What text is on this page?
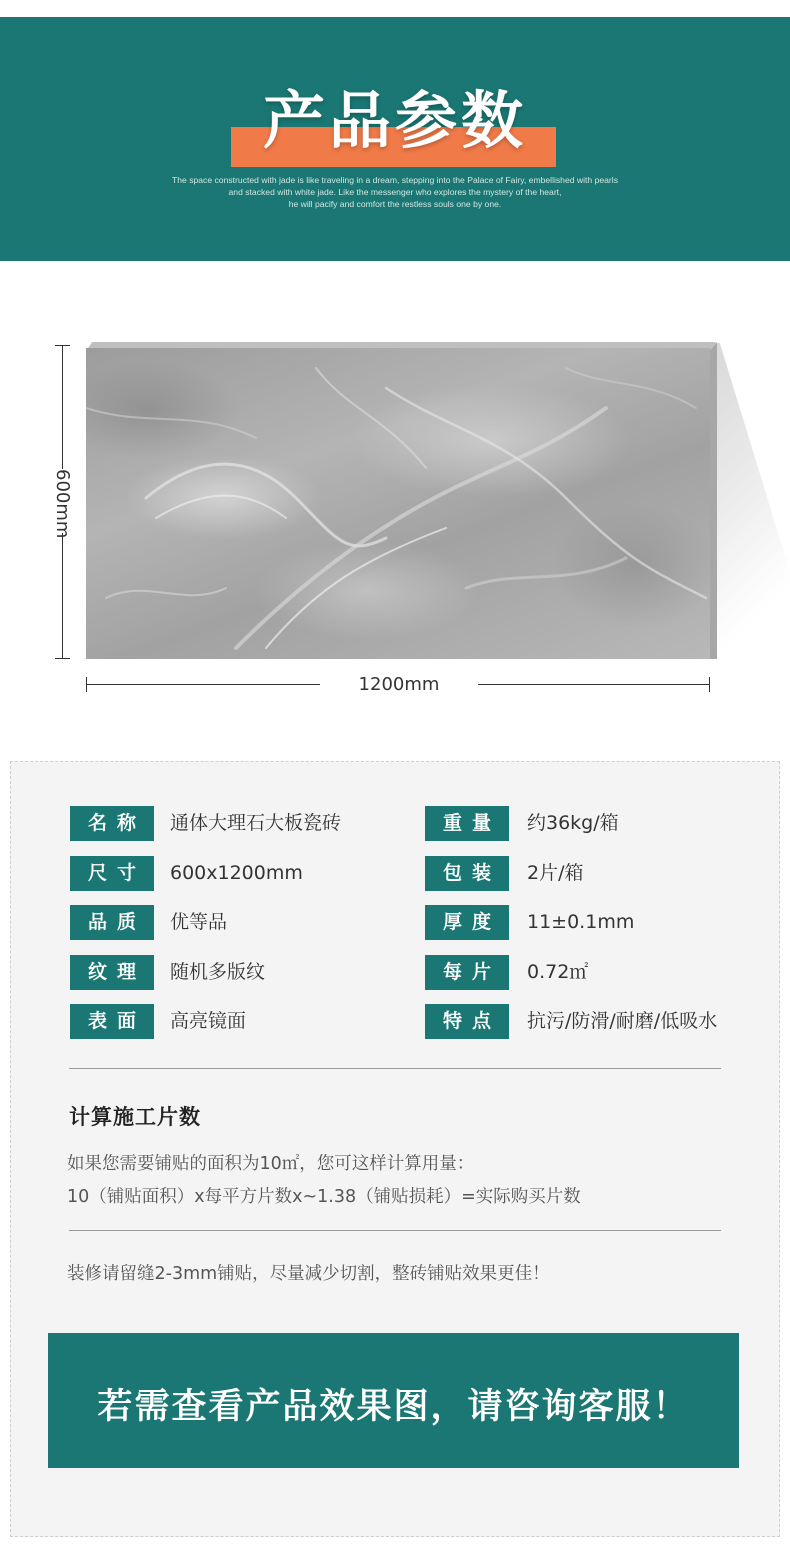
产品参数
The space constructed with jade is like traveling in a dream, stepping into the Palace of Fairy, embellished with pearls
and stacked with white jade. Like the messenger who explores the mystery of the heart,
he will pacify and comfort the restless souls one by one.
600mm
1200mm
名称	通体大理石大板瓷砖	重量	约36kg/箱
尺寸	600x1200mm	包装	2片/箱
品质	优等品	厚度	11±0.1mm
纹理	随机多版纹	每片	0.72㎡
表面	高亮镜面	特点	抗污/防滑/耐磨/低吸水
计算施工片数
如果您需要铺贴的面积为10㎡，您可这样计算用量：
10（铺贴面积）x每平方片数x~1.38（铺贴损耗）=实际购买片数
装修请留缝2-3mm铺贴，尽量减少切割，整砖铺贴效果更佳！
若需查看产品效果图，请咨询客服！
